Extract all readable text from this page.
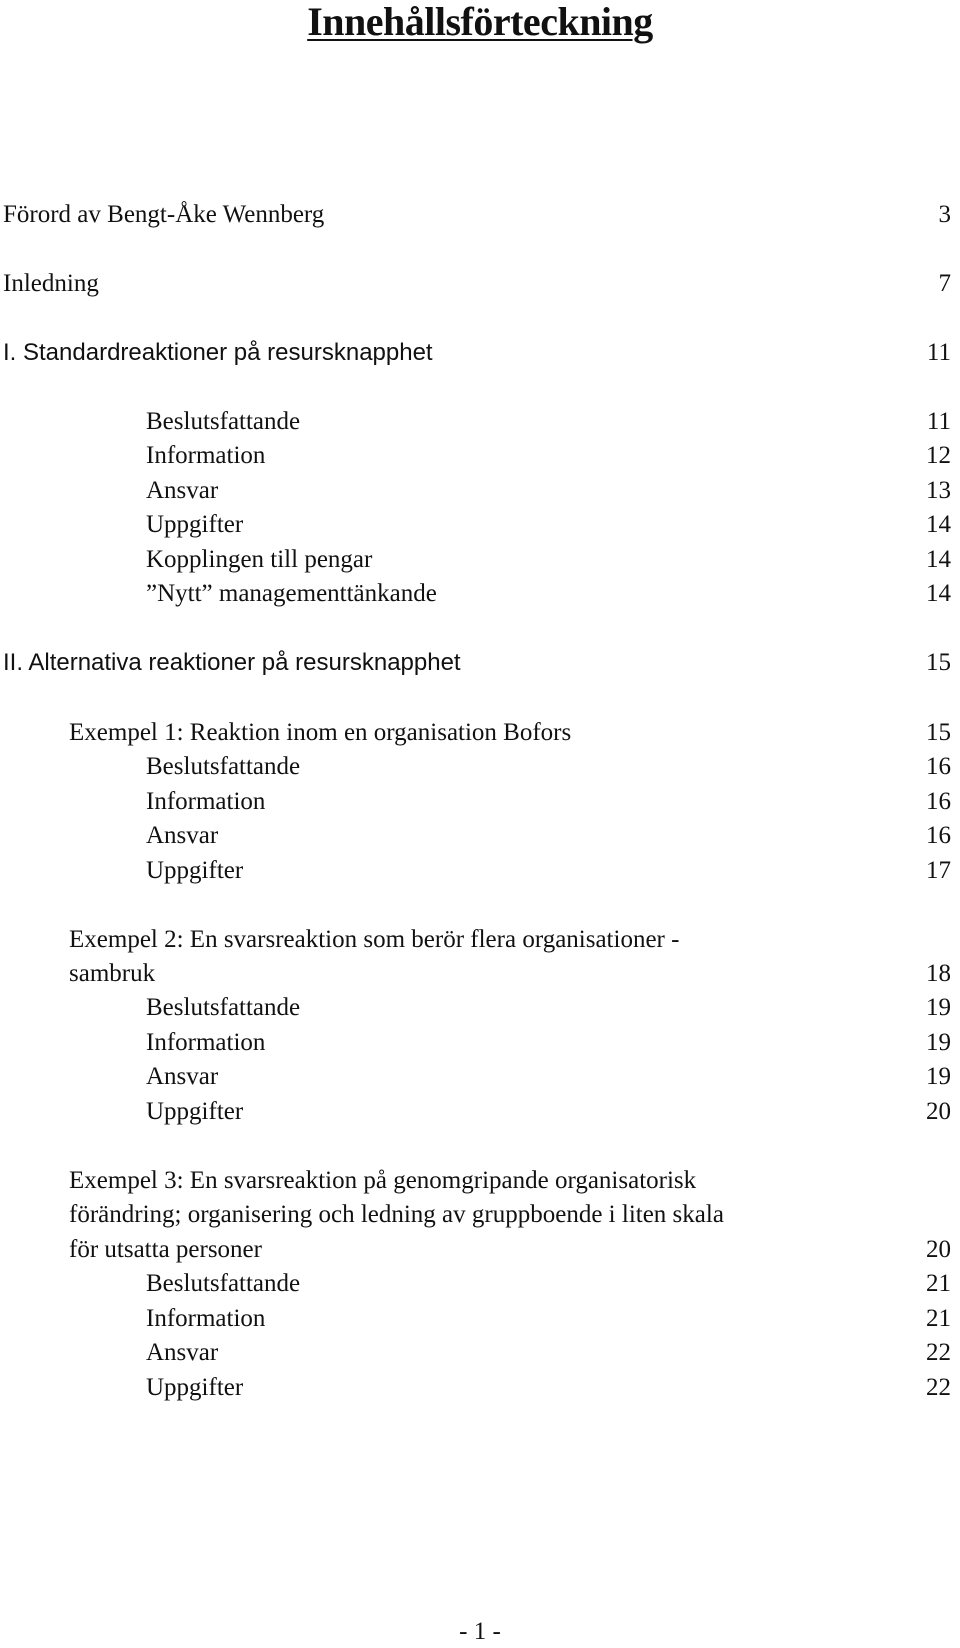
Innehållsförteckning
Förord av Bengt-Åke Wennberg	3
Inledning	7
I. Standardreaktioner på resursknapphet	11
Beslutsfattande	11
Information	12
Ansvar	13
Uppgifter	14
Kopplingen till pengar	14
”Nytt” managementtänkande	14
II. Alternativa reaktioner på resursknapphet	15
Exempel 1: Reaktion inom en organisation Bofors	15
Beslutsfattande	16
Information	16
Ansvar	16
Uppgifter	17
Exempel 2: En svarsreaktion som berör flera organisationer -
sambruk	18
Beslutsfattande	19
Information	19
Ansvar	19
Uppgifter	20
Exempel 3: En svarsreaktion på genomgripande organisatorisk
förändring; organisering och ledning av gruppboende i liten skala
för utsatta personer	20
Beslutsfattande	21
Information	21
Ansvar	22
Uppgifter	22
- 1 -
